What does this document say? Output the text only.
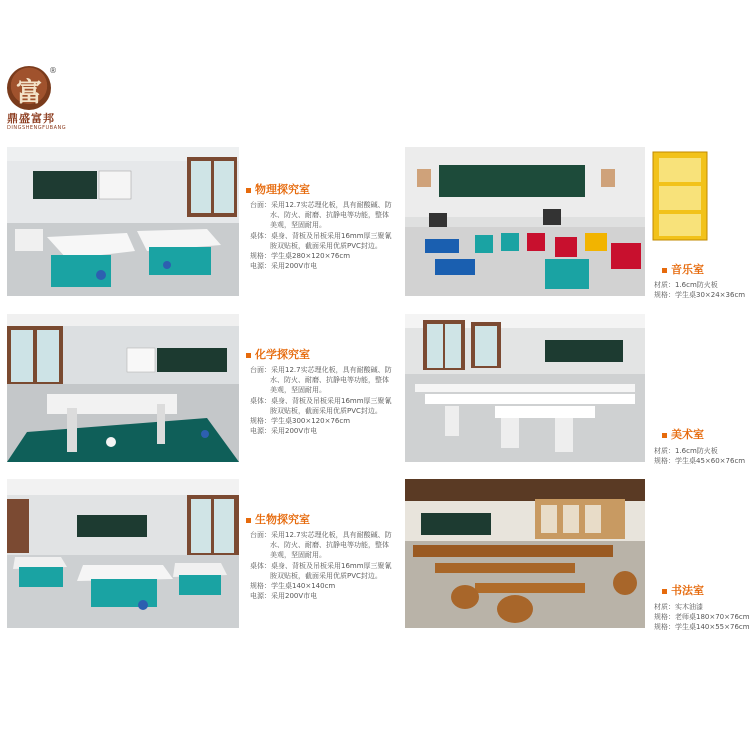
富
®
鼎盛富邦
DINGSHENGFUBANG
物理探究室
台面：采用12.7实芯理化板，具有耐酸碱、防
水、防火、耐磨、抗静电等功能，整体
美观，坚固耐用。
桌体：桌身、背板及吊板采用16mm厚三聚氰
胺双贴板，截面采用优质PVC封边。
规格：学生桌280×120×76cm
电源：采用200V市电
化学探究室
台面：采用12.7实芯理化板，具有耐酸碱、防
水、防火、耐磨、抗静电等功能，整体
美观，坚固耐用。
桌体：桌身、背板及吊板采用16mm厚三聚氰
胺双贴板，截面采用优质PVC封边。
规格：学生桌300×120×76cm
电源：采用200V市电
生物探究室
台面：采用12.7实芯理化板，具有耐酸碱、防
水、防火、耐磨、抗静电等功能，整体
美观，坚固耐用。
桌体：桌身、背板及吊板采用16mm厚三聚氰
胺双贴板，截面采用优质PVC封边。
规格：学生桌140×140cm
电源：采用200V市电
音乐室
材质：1.6cm防火板
规格：学生桌30×24×36cm
美术室
材质：1.6cm防火板
规格：学生桌45×60×76cm
书法室
材质：实木油漆
规格：老师桌180×70×76cm
规格：学生桌140×55×76cm
